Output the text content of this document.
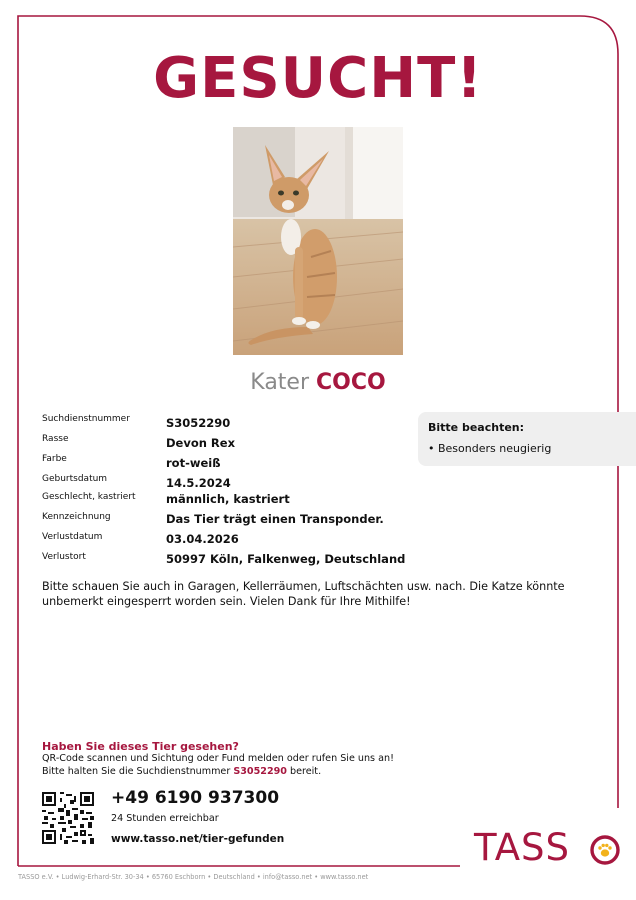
GESUCHT!
Kater COCO
Suchdienstnummer	S3052290
Rasse	Devon Rex
Farbe	rot-weiß
Geburtsdatum	14.5.2024
Geschlecht, kastriert	männlich, kastriert
Kennzeichnung	Das Tier trägt einen Transponder.
Verlustdatum	03.04.2026
Verlustort	50997 Köln, Falkenweg, Deutschland
Bitte beachten:
• Besonders neugierig
Bitte schauen Sie auch in Garagen, Kellerräumen, Luftschächten usw. nach. Die Katze könnte
unbemerkt eingesperrt worden sein. Vielen Dank für Ihre Mithilfe!
Haben Sie dieses Tier gesehen?
QR-Code scannen und Sichtung oder Fund melden oder rufen Sie uns an!
Bitte halten Sie die Suchdienstnummer S3052290 bereit.
+49 6190 937300
24 Stunden erreichbar
www.tasso.net/tier-gefunden	TASS
TASSO e.V. • Ludwig-Erhard-Str. 30-34 • 65760 Eschborn • Deutschland • info@tasso.net • www.tasso.net
